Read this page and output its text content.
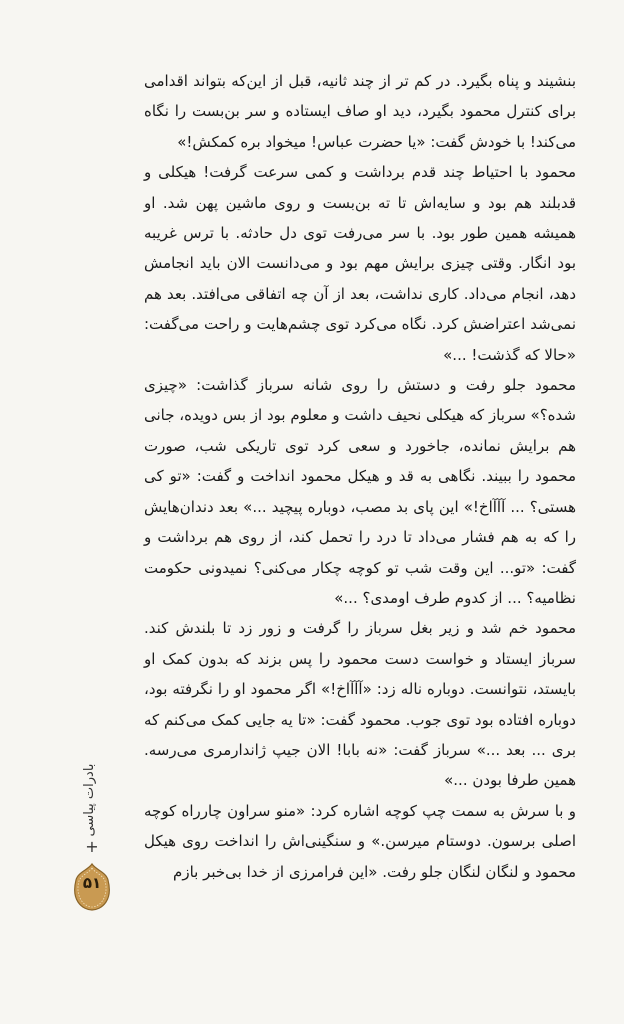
بنشیند و پناه بگیرد. در کم تر از چند ثانیه، قبل از این‌که بتواند اقدامی برای کنترل محمود بگیرد، دید او صاف ایستاده و سر بن‌بست را نگاه می‌کند! با خودش گفت: «یا حضرت عباس! میخواد بره کمکش!»

محمود با احتیاط چند قدم برداشت و کمی سرعت گرفت! هیکلی و قدبلند هم بود و سایه‌اش تا ته بن‌بست و روی ماشین پهن شد. او همیشه همین طور بود. با سر می‌رفت توی دل حادثه. با ترس غریبه بود انگار. وقتی چیزی برایش مهم بود و می‌دانست الان باید انجامش دهد، انجام می‌داد. کاری نداشت، بعد از آن چه اتفاقی می‌افتد. بعد هم نمی‌شد اعتراضش کرد. نگاه می‌کرد توی چشم‌هایت و راحت می‌گفت: «حالا که گذشت! ...»

محمود جلو رفت و دستش را روی شانه سرباز گذاشت: «چیزی شده؟» سرباز که هیکلی نحیف داشت و معلوم بود از بس دویده، جانی هم برایش نمانده، جاخورد و سعی کرد توی تاریکی شب، صورت محمود را ببیند. نگاهی به قد و هیکل محمود انداخت و گفت: «تو کی هستی؟ ... آآآاخ!» این پای بد مصب، دوباره پیچید ...» بعد دندان‌هایش را که به هم فشار می‌داد تا درد را تحمل کند، از روی هم برداشت و گفت: «تو... این وقت شب تو کوچه چکار می‌کنی؟ نمیدونی حکومت نظامیه؟ ... از کدوم طرف اومدی؟ ...»

محمود خم شد و زیر بغل سرباز را گرفت و زور زد تا بلندش کند. سرباز ایستاد و خواست دست محمود را پس بزند که بدون کمک او بایستد، نتوانست. دوباره ناله زد: «آآآاخ!» اگر محمود او را نگرفته بود، دوباره افتاده بود توی جوب. محمود گفت: «تا یه جایی کمک می‌کنم که بری ... بعد ...» سرباز گفت: «نه بابا! الان جیپ ژاندارمری می‌رسه. همین طرفا بودن ...»

و با سرش به سمت چپ کوچه اشاره کرد: «منو سراون چارراه کوچه اصلی برسون. دوستام میرسن.» و سنگینی‌اش را انداخت روی هیکل محمود و لنگان لنگان جلو رفت. «این فرامرزی از خدا بی‌خبر بازم

بادرات پیاسی
+
۵۱
